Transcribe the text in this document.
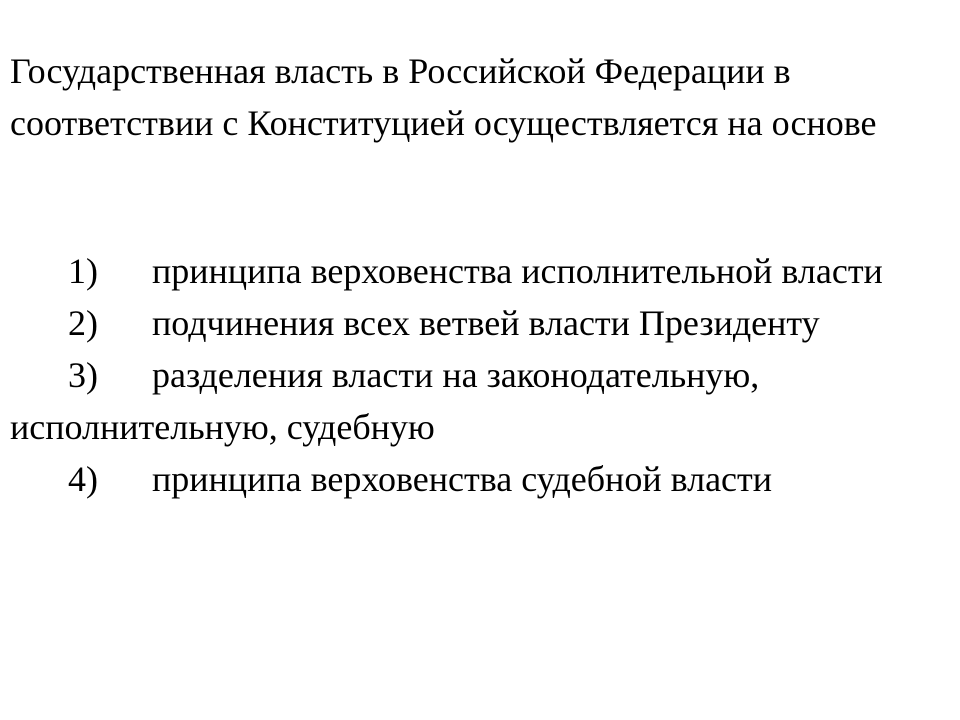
Государственная власть в Российской Федерации в соответствии с Конституцией осуществляется на основе

1) принципа верховенства исполнительной власти
2) подчинения всех ветвей власти Президенту
3) разделения власти на законодательную, исполнительную, судебную
4) принципа верховенства судебной власти
